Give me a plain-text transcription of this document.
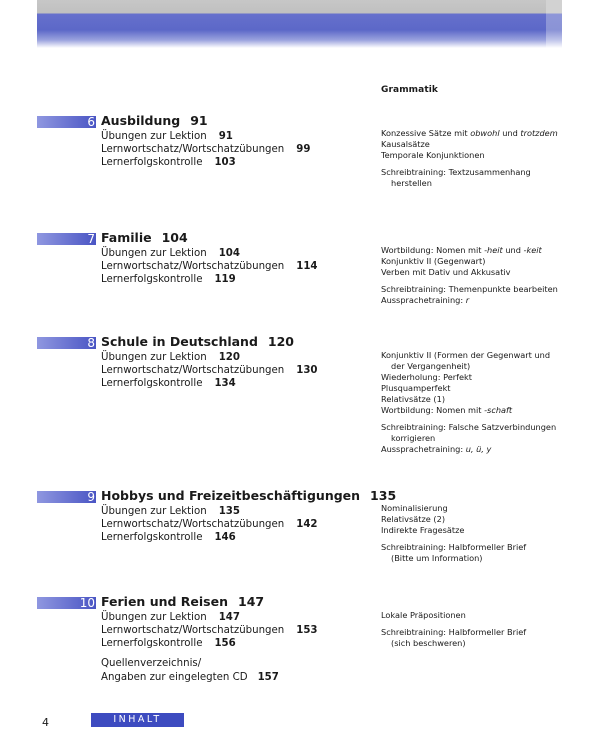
Grammatik
6 Ausbildung 91
Übungen zur Lektion 91
Lernwortschatz/Wortschatzübungen 99
Lernerfolgskontrolle 103
Konzessive Sätze mit obwohl und trotzdem
Kausalsätze
Temporale Konjunktionen
Schreibtraining: Textzusammenhang
herstellen
7 Familie 104
Übungen zur Lektion 104
Lernwortschatz/Wortschatzübungen 114
Lernerfolgskontrolle 119
Wortbildung: Nomen mit -heit und -keit
Konjunktiv II (Gegenwart)
Verben mit Dativ und Akkusativ
Schreibtraining: Themenpunkte bearbeiten
Aussprachetraining: r
8 Schule in Deutschland 120
Übungen zur Lektion 120
Lernwortschatz/Wortschatzübungen 130
Lernerfolgskontrolle 134
Konjunktiv II (Formen der Gegenwart und
der Vergangenheit)
Wiederholung: Perfekt
Plusquamperfekt
Relativsätze (1)
Wortbildung: Nomen mit -schaft
Schreibtraining: Falsche Satzverbindungen
korrigieren
Aussprachetraining: u, ü, y
9 Hobbys und Freizeitbeschäftigungen 135
Übungen zur Lektion 135
Lernwortschatz/Wortschatzübungen 142
Lernerfolgskontrolle 146
Nominalisierung
Relativsätze (2)
Indirekte Fragesätze
Schreibtraining: Halbformeller Brief
(Bitte um Information)
10 Ferien und Reisen 147
Übungen zur Lektion 147
Lernwortschatz/Wortschatzübungen 153
Lernerfolgskontrolle 156
Lokale Präpositionen
Schreibtraining: Halbformeller Brief
(sich beschweren)
Quellenverzeichnis/
Angaben zur eingelegten CD 157
4	INHALT
